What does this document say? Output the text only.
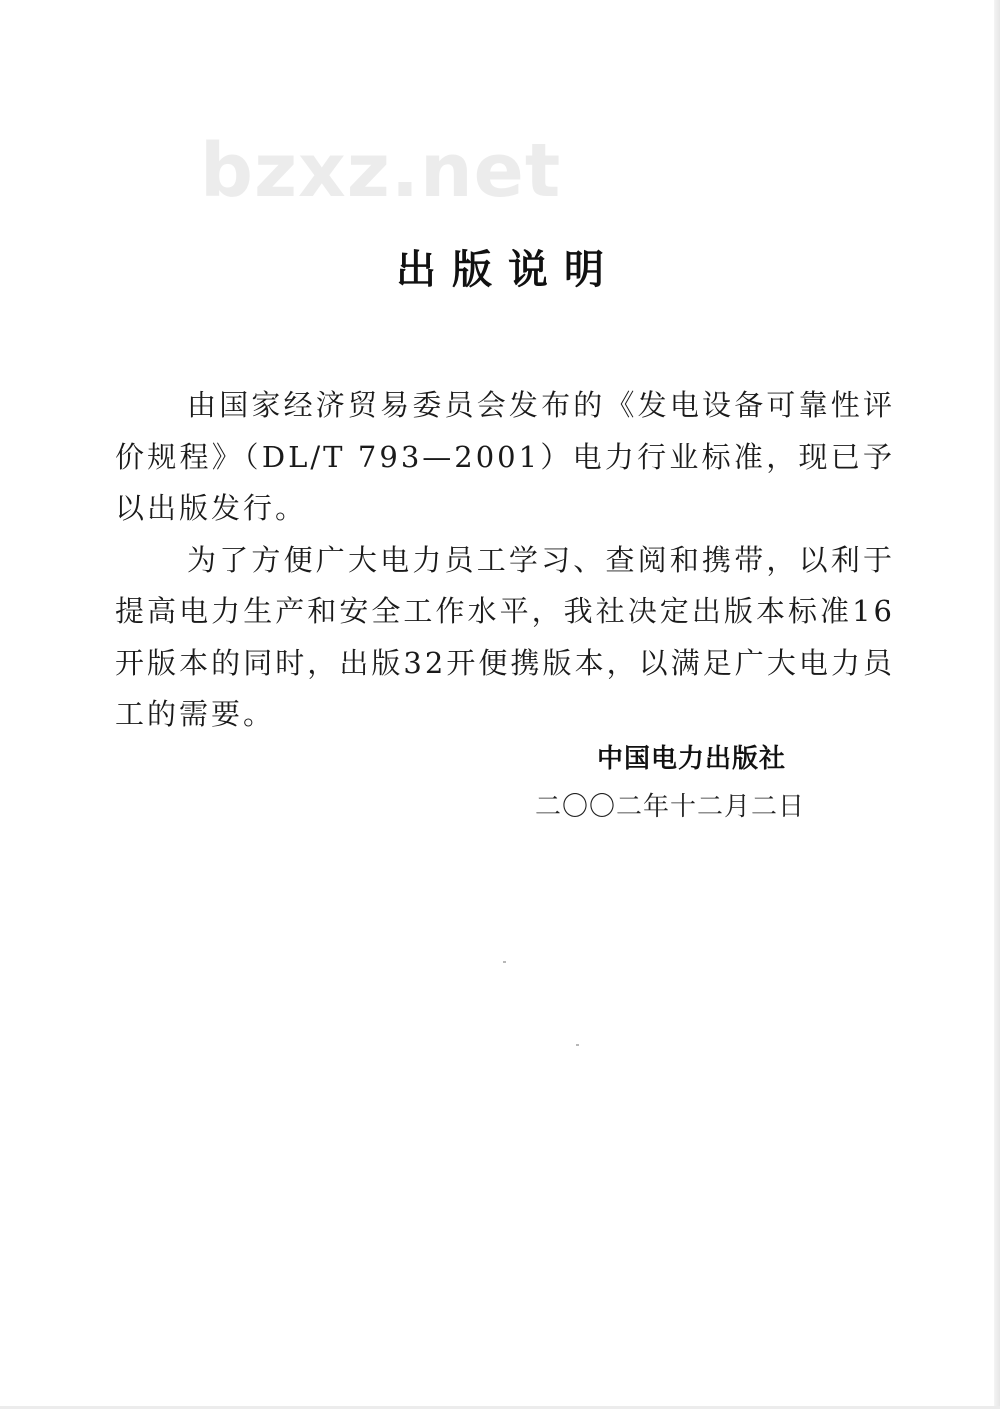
bzxz.net
出版说明

由国家经济贸易委员会发布的《发电设备可靠性评价规程》（DL/T 793—2001）电力行业标准，现已予以出版发行。

为了方便广大电力员工学习、查阅和携带，以利于提高电力生产和安全工作水平，我社决定出版本标准16开版本的同时，出版32开便携版本，以满足广大电力员工的需要。

中国电力出版社
二〇〇二年十二月二日
